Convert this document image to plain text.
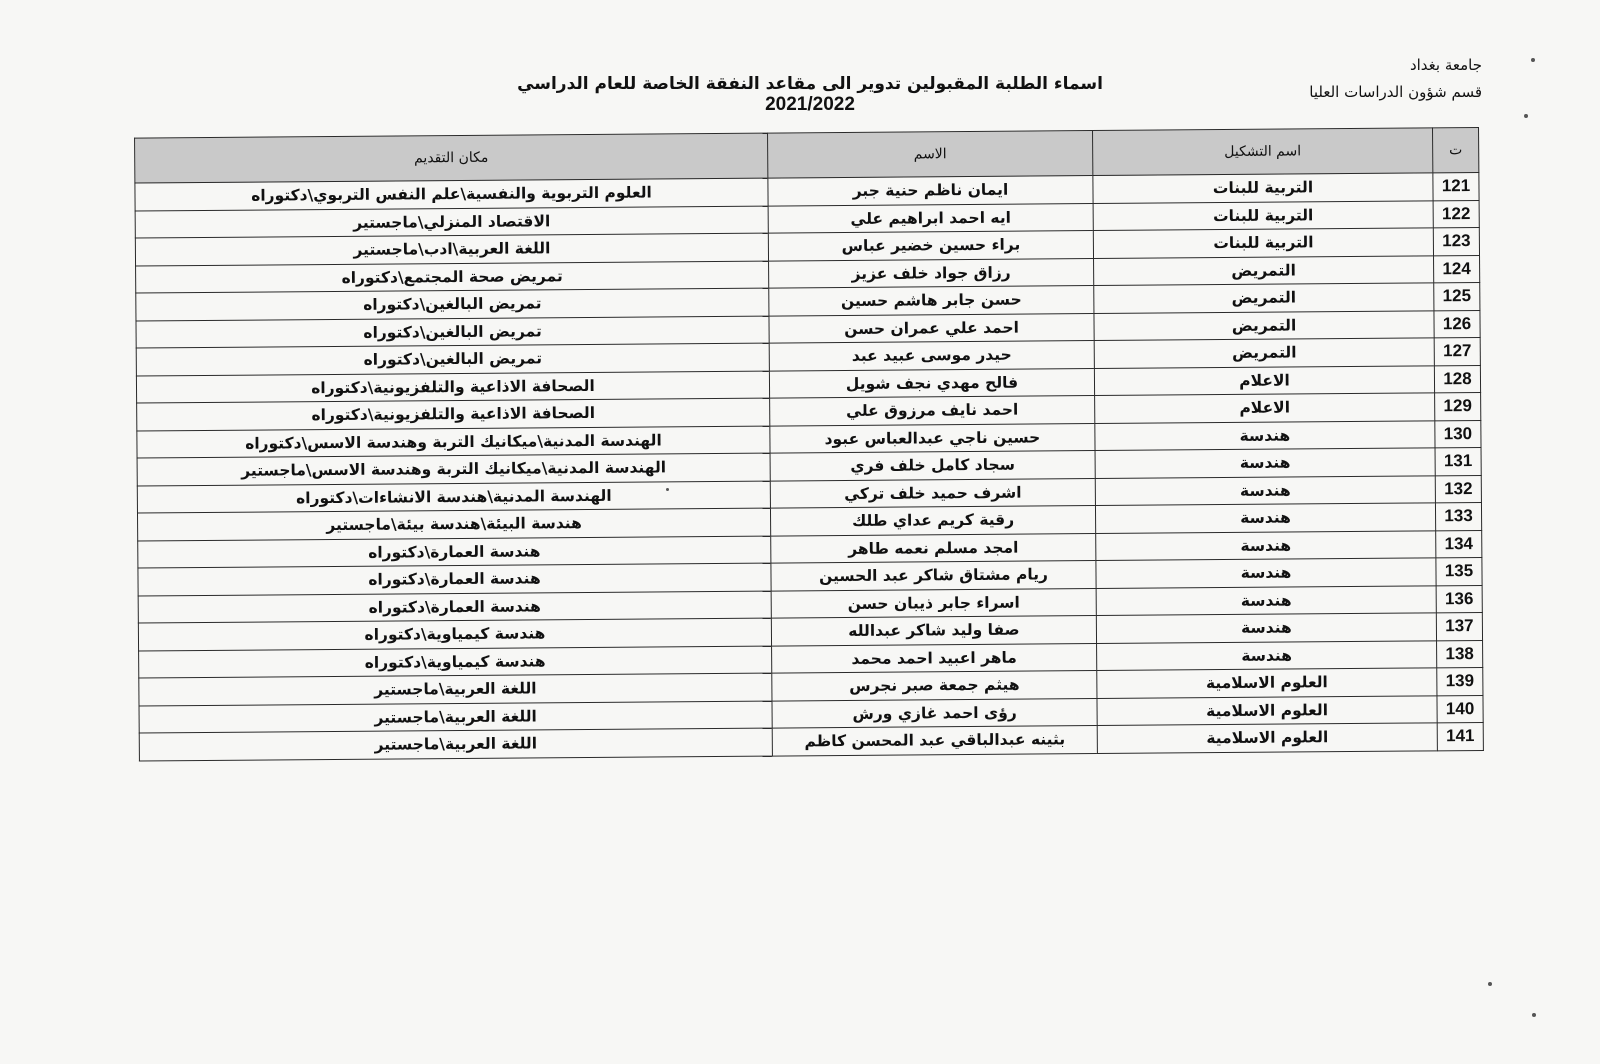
جامعة بغداد
قسم شؤون الدراسات العليا
اسماء الطلبة المقبولين تدوير الى مقاعد النفقة الخاصة للعام الدراسي 2021/2022
ت	اسم التشكيل	الاسم	مكان التقديم
121	التربية للبنات	ايمان ناظم حنية جبر	العلوم التربوية والنفسية\علم النفس التربوي\دكتوراه
122	التربية للبنات	ايه احمد ابراهيم علي	الاقتصاد المنزلي\ماجستير
123	التربية للبنات	براء حسين خضير عباس	اللغة العربية\ادب\ماجستير
124	التمريض	رزاق جواد خلف عزيز	تمريض صحة المجتمع\دكتوراه
125	التمريض	حسن جابر هاشم حسين	تمريض البالغين\دكتوراه
126	التمريض	احمد علي عمران حسن	تمريض البالغين\دكتوراه
127	التمريض	حيدر موسى عبيد عبد	تمريض البالغين\دكتوراه
128	الاعلام	فالح مهدي نجف شويل	الصحافة الاذاعية والتلفزيونية\دكتوراه
129	الاعلام	احمد نايف مرزوق علي	الصحافة الاذاعية والتلفزيونية\دكتوراه
130	هندسة	حسين ناجي عبدالعباس عبود	الهندسة المدنية\ميكانيك التربة وهندسة الاسس\دكتوراه
131	هندسة	سجاد كامل خلف فري	الهندسة المدنية\ميكانيك التربة وهندسة الاسس\ماجستير
132	هندسة	اشرف حميد خلف تركي	الهندسة المدنية\هندسة الانشاءات\دكتوراه
133	هندسة	رقية كريم عداي طلك	هندسة البيئة\هندسة بيئة\ماجستير
134	هندسة	امجد مسلم نعمه طاهر	هندسة العمارة\دكتوراه
135	هندسة	ريام مشتاق شاكر عبد الحسين	هندسة العمارة\دكتوراه
136	هندسة	اسراء جابر ذيبان حسن	هندسة العمارة\دكتوراه
137	هندسة	صفا وليد شاكر عبدالله	هندسة كيمياوية\دكتوراه
138	هندسة	ماهر اعبيد احمد محمد	هندسة كيمياوية\دكتوراه
139	العلوم الاسلامية	هيثم جمعة صبر نجرس	اللغة العربية\ماجستير
140	العلوم الاسلامية	رؤى احمد غازي ورش	اللغة العربية\ماجستير
141	العلوم الاسلامية	بثينه عبدالباقي عبد المحسن كاظم	اللغة العربية\ماجستير
